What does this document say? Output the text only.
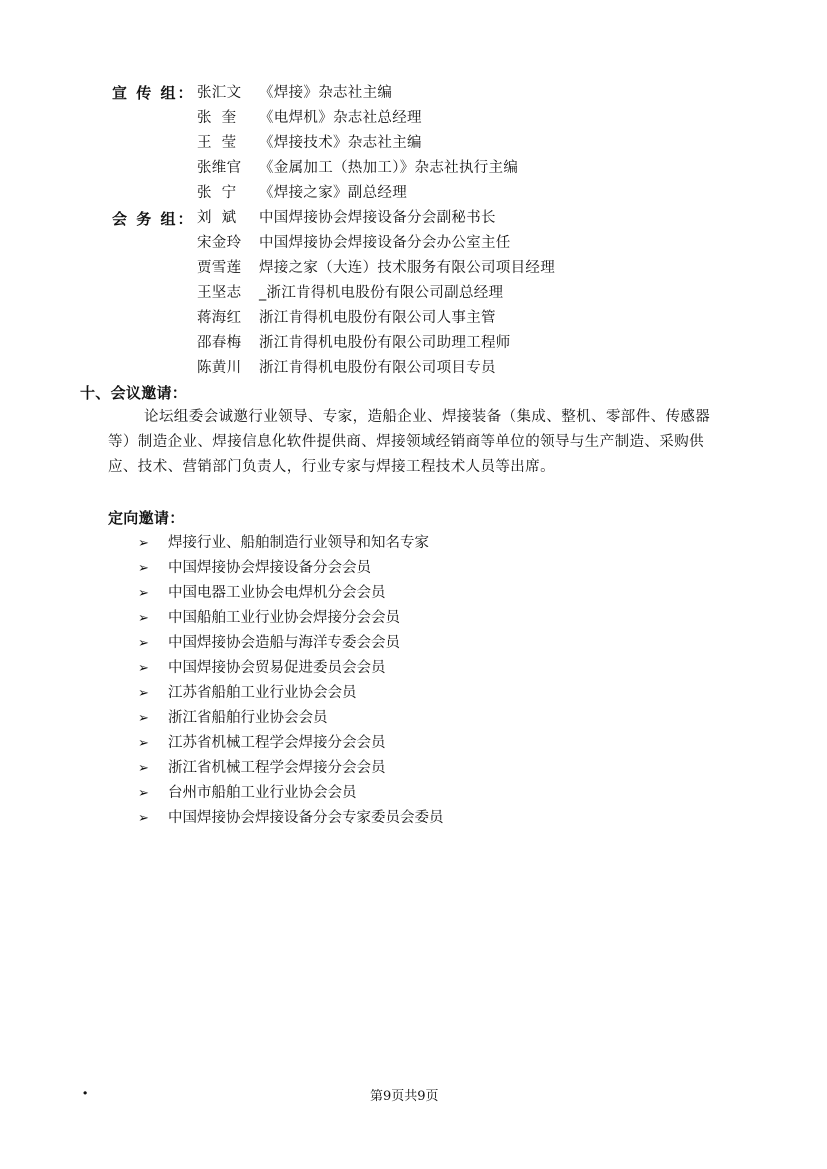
宣 传 组： 张汇文 《焊接》杂志社主编
张  奎 《电焊机》杂志社总经理
王  莹 《焊接技术》杂志社主编
张维官 《金属加工（热加工）》杂志社执行主编
张  宁 《焊接之家》副总经理
会 务 组： 刘  斌 中国焊接协会焊接设备分会副秘书长
宋金玲 中国焊接协会焊接设备分会办公室主任
贾雪莲 焊接之家（大连）技术服务有限公司项目经理
王坚志 _浙江肯得机电股份有限公司副总经理
蒋海红 浙江肯得机电股份有限公司人事主管
邵春梅 浙江肯得机电股份有限公司助理工程师
陈黄川 浙江肯得机电股份有限公司项目专员
十、会议邀请：
论坛组委会诚邀行业领导、专家，造船企业、焊接装备（集成、整机、零部件、传感器等）制造企业、焊接信息化软件提供商、焊接领域经销商等单位的领导与生产制造、采购供应、技术、营销部门负责人，行业专家与焊接工程技术人员等出席。
定向邀请：
➢ 焊接行业、船舶制造行业领导和知名专家
➢ 中国焊接协会焊接设备分会会员
➢ 中国电器工业协会电焊机分会会员
➢ 中国船舶工业行业协会焊接分会会员
➢ 中国焊接协会造船与海洋专委会会员
➢ 中国焊接协会贸易促进委员会会员
➢ 江苏省船舶工业行业协会会员
➢ 浙江省船舶行业协会会员
➢ 江苏省机械工程学会焊接分会会员
➢ 浙江省机械工程学会焊接分会会员
➢ 台州市船舶工业行业协会会员
➢ 中国焊接协会焊接设备分会专家委员会委员
·	第9页共9页
